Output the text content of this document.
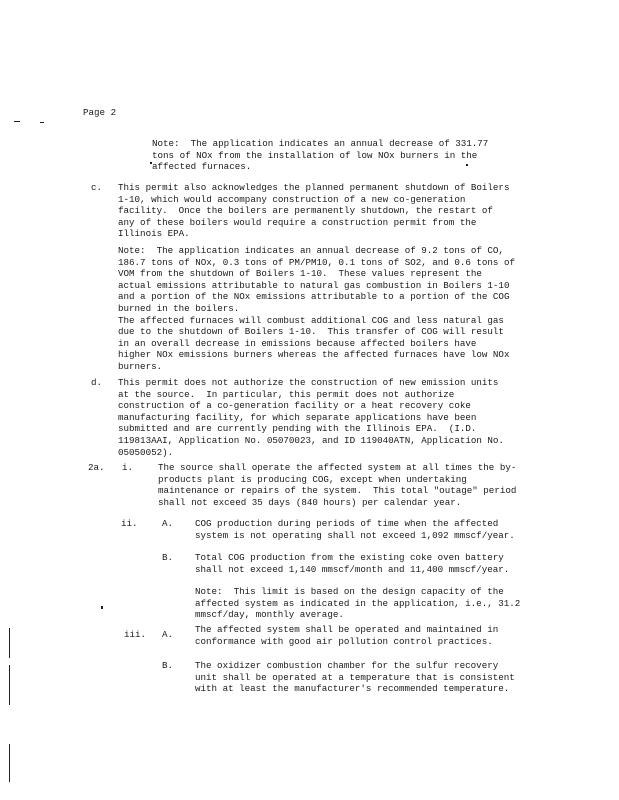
Page 2

Note:  The application indicates an annual decrease of 331.77
tons of NOx from the installation of low NOx burners in the
affected furnaces.

c. This permit also acknowledges the planned permanent shutdown of Boilers
1-10, which would accompany construction of a new co-generation
facility.  Once the boilers are permanently shutdown, the restart of
any of these boilers would require a construction permit from the
Illinois EPA.

Note:  The application indicates an annual decrease of 9.2 tons of CO,
186.7 tons of NOx, 0.3 tons of PM/PM10, 0.1 tons of SO2, and 0.6 tons of
VOM from the shutdown of Boilers 1-10.  These values represent the
actual emissions attributable to natural gas combustion in Boilers 1-10
and a portion of the NOx emissions attributable to a portion of the COG
burned in the boilers.
The affected furnaces will combust additional COG and less natural gas
due to the shutdown of Boilers 1-10.  This transfer of COG will result
in an overall decrease in emissions because affected boilers have
higher NOx emissions burners whereas the affected furnaces have low NOx
burners.

d. This permit does not authorize the construction of new emission units
at the source.  In particular, this permit does not authorize
construction of a co-generation facility or a heat recovery coke
manufacturing facility, for which separate applications have been
submitted and are currently pending with the Illinois EPA.  (I.D.
119813AAI, Application No. 05070023, and ID 119040ATN, Application No.
05050052).

2a. i.	The source shall operate the affected system at all times the by-
products plant is producing COG, except when undertaking
maintenance or repairs of the system.  This total "outage" period
shall not exceed 35 days (840 hours) per calendar year.

ii.	A. COG production during periods of time when the affected
system is not operating shall not exceed 1,092 mmscf/year.

B. Total COG production from the existing coke oven battery
shall not exceed 1,140 mmscf/month and 11,400 mmscf/year.

Note:  This limit is based on the design capacity of the
affected system as indicated in the application, i.e., 31.2
mmscf/day, monthly average.

iii. A. The affected system shall be operated and maintained in
conformance with good air pollution control practices.

B. The oxidizer combustion chamber for the sulfur recovery
unit shall be operated at a temperature that is consistent
with at least the manufacturer's recommended temperature.
